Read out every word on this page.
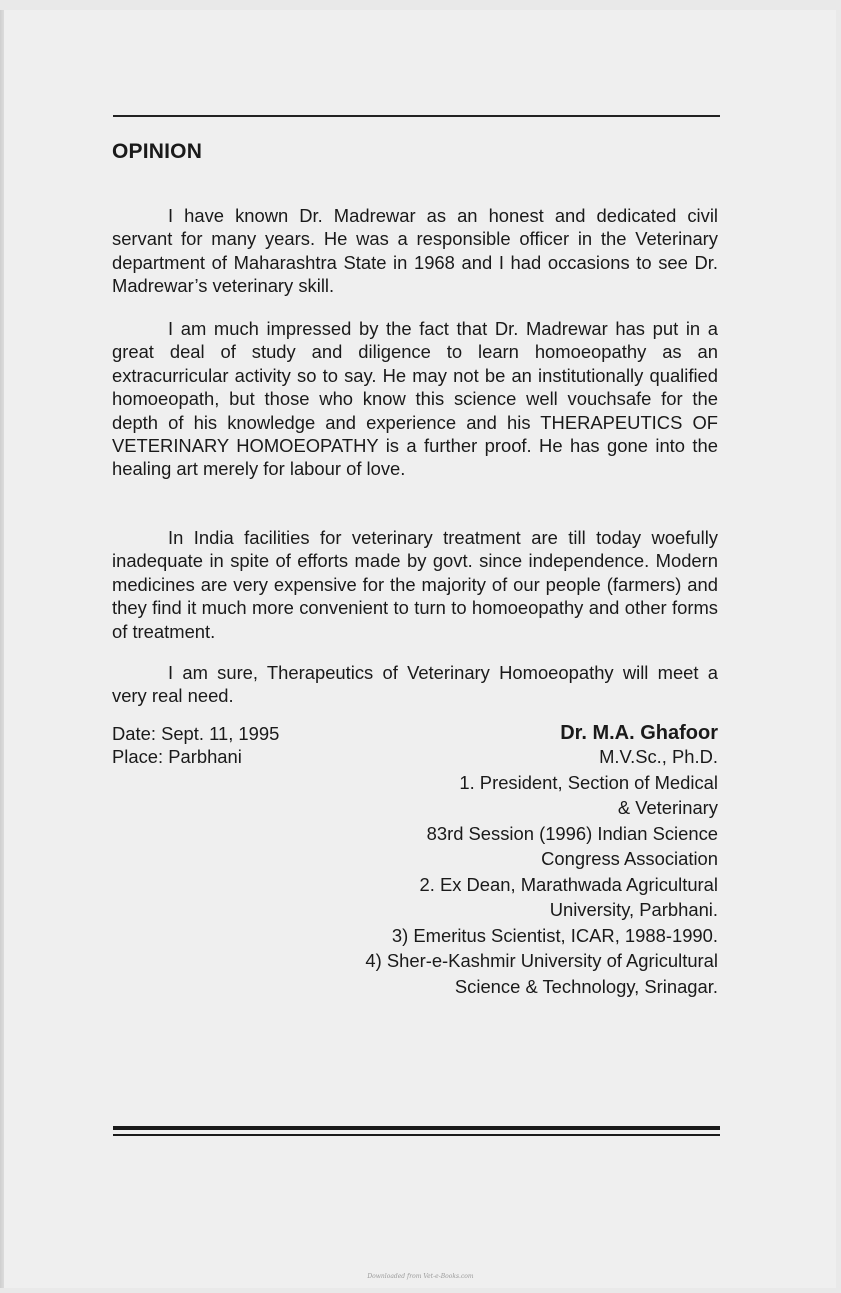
OPINION

I have known Dr. Madrewar as an honest and dedicated civil servant for many years. He was a responsible officer in the Veterinary department of Maharashtra State in 1968 and I had occasions to see Dr. Madrewar’s veterinary skill.

I am much impressed by the fact that Dr. Madrewar has put in a great deal of study and diligence to learn homoeopathy as an extracurricular activity so to say. He may not be an institutionally qualified homoeopath, but those who know this science well vouchsafe for the depth of his knowledge and experience and his THERAPEUTICS OF VETERINARY HOMOEOPATHY is a further proof. He has gone into the healing art merely for labour of love.

In India facilities for veterinary treatment are till today woefully inadequate in spite of efforts made by govt. since independence. Modern medicines are very expensive for the majority of our people (farmers) and they find it much more convenient to turn to homoeopathy and other forms of treatment.

I am sure, Therapeutics of Veterinary Homoeopathy will meet a very real need.

Date: Sept. 11, 1995
Place: Parbhani
Dr. M.A. Ghafoor
M.V.Sc., Ph.D.
1. President, Section of Medical
& Veterinary
83rd Session (1996) Indian Science
Congress Association
2. Ex Dean, Marathwada Agricultural
University, Parbhani.
3) Emeritus Scientist, ICAR, 1988-1990.
4) Sher-e-Kashmir University of Agricultural
Science & Technology, Srinagar.
Downloaded from Vet-e-Books.com
